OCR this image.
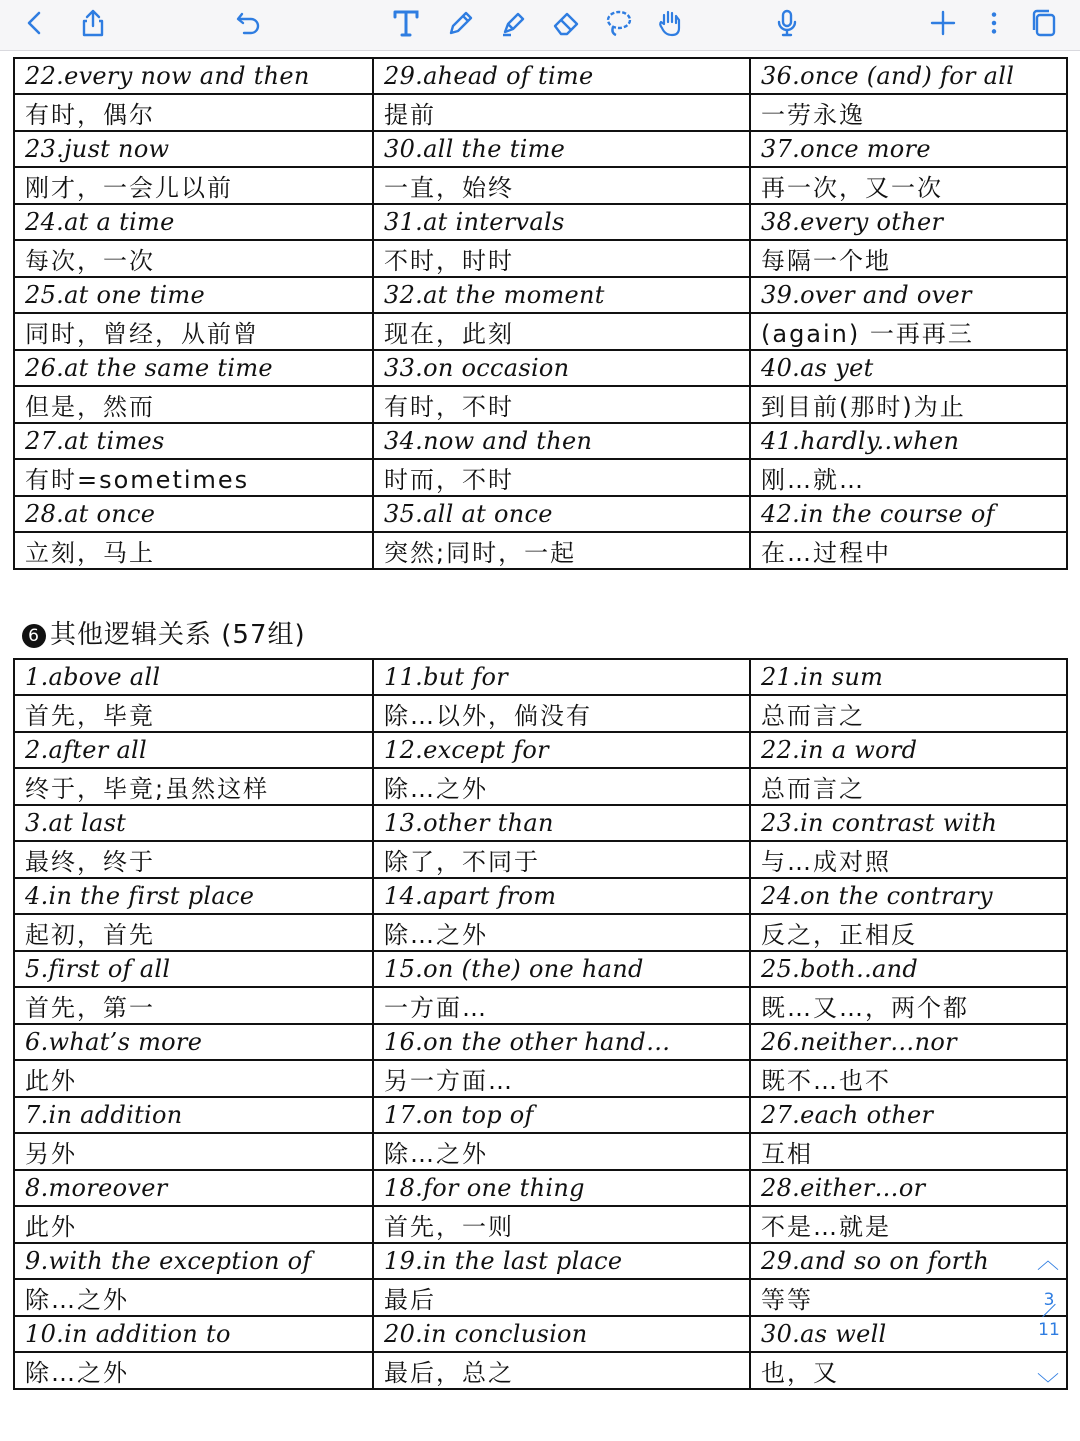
22.every now and then	29.ahead of time	36.once (and) for all
有时，偶尔	提前	一劳永逸
23.just now	30.all the time	37.once more
刚才，一会儿以前	一直，始终	再一次，又一次
24.at a time	31.at intervals	38.every other
每次，一次	不时，时时	每隔一个地
25.at one time	32.at the moment	39.over and over
同时，曾经，从前曾	现在，此刻	(again) 一再再三
26.at the same time	33.on occasion	40.as yet
但是，然而	有时，不时	到目前(那时)为止
27.at times	34.now and then	41.hardly..when
有时=sometimes	时而，不时	刚…就…
28.at once	35.all at once	42.in the course of
立刻，马上	突然;同时，一起	在…过程中
6 其他逻辑关系 (57组)
1.above all	11.but for	21.in sum
首先，毕竟	除…以外，倘没有	总而言之
2.after all	12.except for	22.in a word
终于，毕竟;虽然这样	除…之外	总而言之
3.at last	13.other than	23.in contrast with
最终，终于	除了，不同于	与…成对照
4.in the first place	14.apart from	24.on the contrary
起初，首先	除…之外	反之，正相反
5.first of all	15.on (the) one hand	25.both..and
首先，第一	一方面…	既…又…，两个都
6.what’s more	16.on the other hand…	26.neither…nor
此外	另一方面…	既不…也不
7.in addition	17.on top of	27.each other
另外	除…之外	互相
8.moreover	18.for one thing	28.either…or
此外	首先，一则	不是…就是
9.with the exception of	19.in the last place	29.and so on forth
除…之外	最后	等等
10.in addition to	20.in conclusion	30.as well
除…之外	最后，总之	也，又
︿
3
11
﹀
